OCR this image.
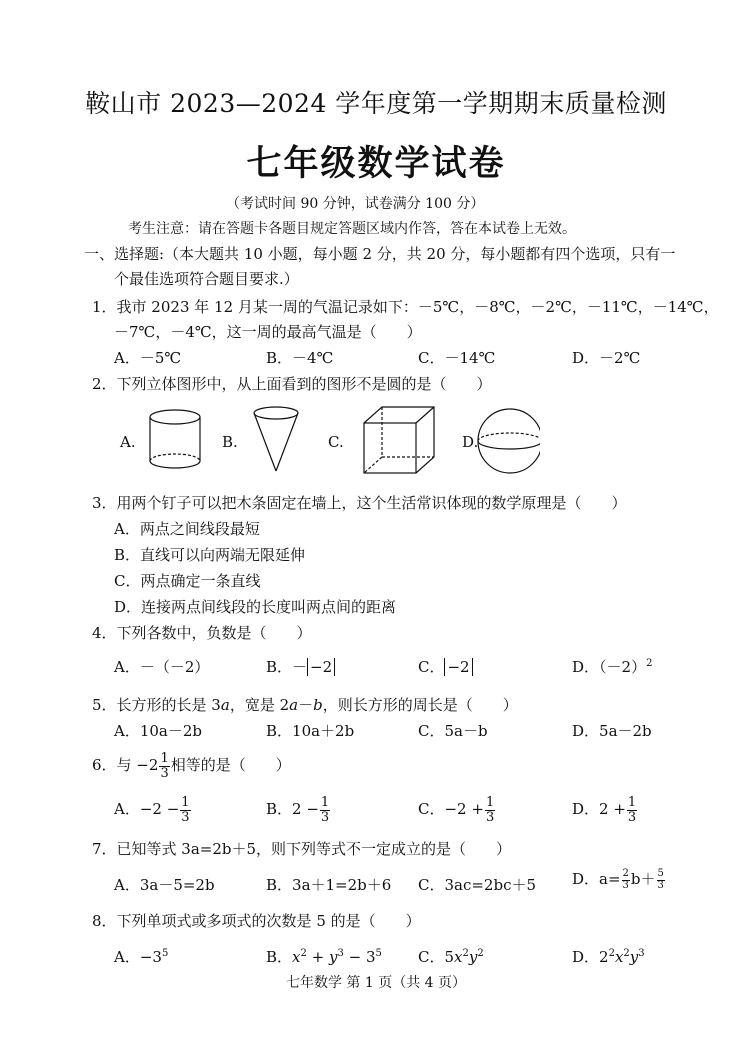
鞍山市 2023—2024 学年度第一学期期末质量检测
七年级数学试卷
（考试时间 90 分钟，试卷满分 100 分）
考生注意：请在答题卡各题目规定答题区域内作答，答在本试卷上无效。
一、选择题:（本大题共 10 小题，每小题 2 分，共 20 分，每小题都有四个选项，只有一
个最佳选项符合题目要求.）
1．我市 2023 年 12 月某一周的气温记录如下：－5℃，－8℃，－2℃，－11℃，－14℃，
－7℃，－4℃，这一周的最高气温是（　　）
A．－5℃	B．－4℃	C．－14℃	D．－2℃
2．下列立体图形中，从上面看到的图形不是圆的是（　　）
A.	B.	C.	D.
3．用两个钉子可以把木条固定在墙上，这个生活常识体现的数学原理是（　　）
A．两点之间线段最短
B．直线可以向两端无限延伸
C．两点确定一条直线
D．连接两点间线段的长度叫两点间的距离
4．下列各数中，负数是（　　）
A．－（－2）	B．－ −2	C． −2	D．$(-2)^2$
5．长方形的长是 3a，宽是 2a－b，则长方形的周长是（　　）
A．10a－2b	B．10a＋2b	C．5a－b	D．5a－2b
6．与 $-2 \frac{1}{3}$ 相等的是（　　）
A．$-2 - \frac{1}{3}$	B．$2 - \frac{1}{3}$	C．$-2 + \frac{1}{3}$	D．$2 + \frac{1}{3}$
7．已知等式 3a=2b＋5，则下列等式不一定成立的是（　　）
A．3a－5=2b	B．3a＋1=2b＋6 C．3ac=2bc＋5 D．$a= \frac{2}{3} b+ \frac{5}{3}$
8．下列单项式或多项式的次数是 5 的是（　　）
A．$-3^5$	B．$x^2 + y^3 - 3^5$ C．$5x^2y^2$	D．$2^2x^2y^3$
七年数学 第 1 页（共 4 页）
